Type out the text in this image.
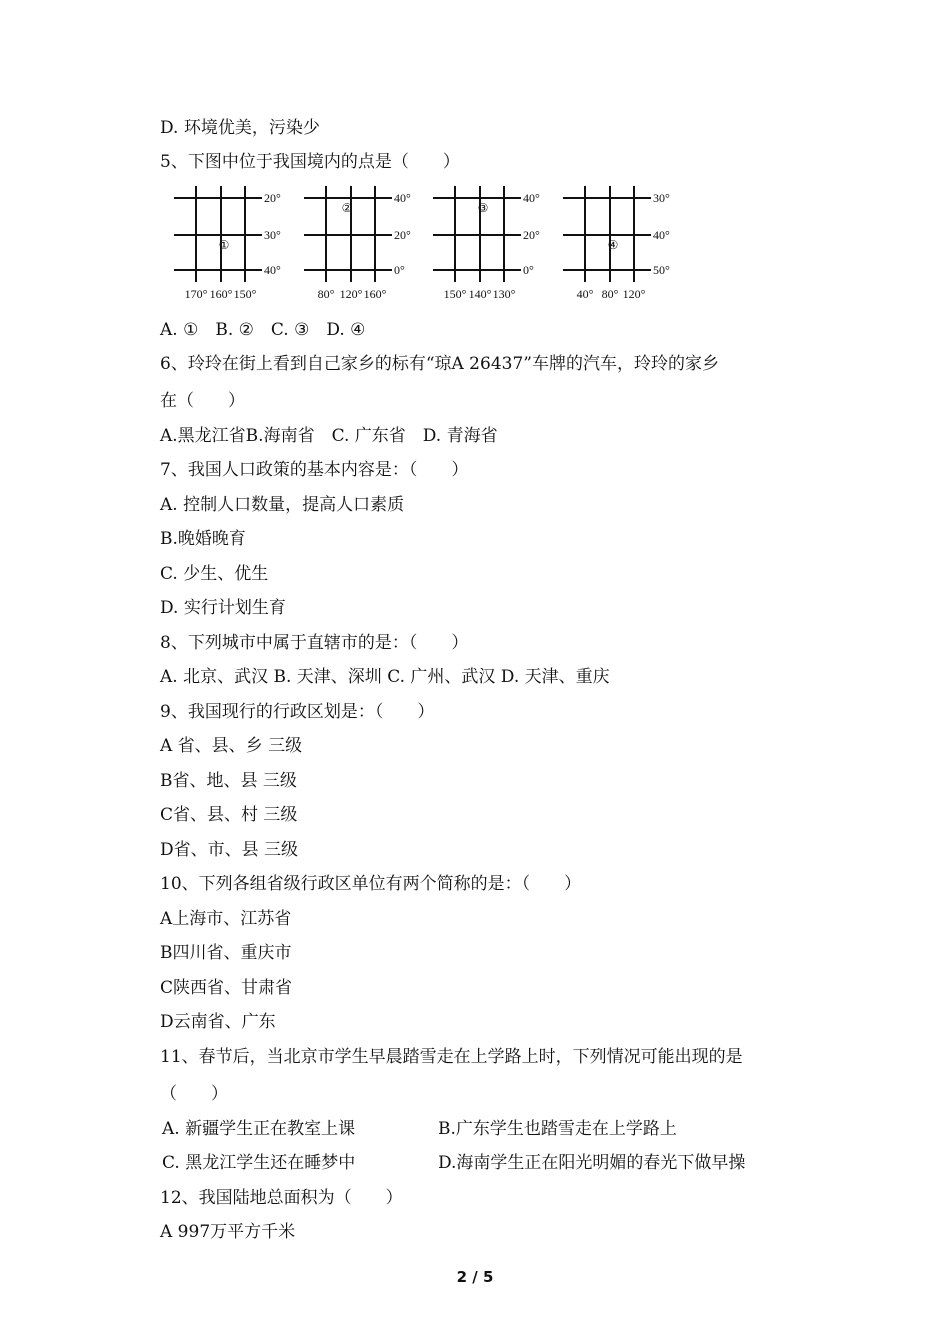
D. 环境优美，污染少
5、下图中位于我国境内的点是（　　）
20°
30°
40°
170° 160° 150°
①
40°
20°
0°
80° 120° 160°
②
40°
20°
0°
150° 140° 130°
③
30°
40°
50°
40° 80° 120°
④
A. ①　B. ②　C. ③　D. ④
6、玲玲在街上看到自己家乡的标有“琼A 26437”车牌的汽车，玲玲的家乡
在（　　）
A.黑龙江省B.海南省　C. 广东省　D. 青海省
7、我国人口政策的基本内容是：（　　）
A. 控制人口数量，提高人口素质
B.晚婚晚育
C. 少生、优生
D. 实行计划生育
8、下列城市中属于直辖市的是：（　　）
A. 北京、武汉 B. 天津、深圳 C. 广州、武汉 D. 天津、重庆
9、我国现行的行政区划是：（　　）
A 省、县、乡 三级
B省、地、县 三级
C省、县、村 三级
D省、市、县 三级
10、下列各组省级行政区单位有两个简称的是：（　　）
A上海市、江苏省
B四川省、重庆市
C陕西省、甘肃省
D云南省、广东
11、春节后，当北京市学生早晨踏雪走在上学路上时，下列情况可能出现的是
（　　）
A. 新疆学生正在教室上课	B.广东学生也踏雪走在上学路上
C. 黑龙江学生还在睡梦中	D.海南学生正在阳光明媚的春光下做早操
12、我国陆地总面积为（　　）
A 997万平方千米
2 / 5
